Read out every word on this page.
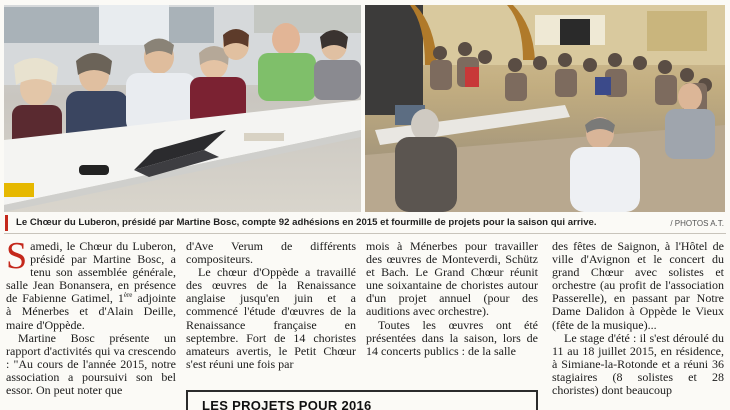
Le Chœur du Luberon, présidé par Martine Bosc, compte 92 adhésions en 2015 et fourmille de projets pour la saison qui arrive.	/ PHOTOS A.T.

Samedi, le Chœur du Luberon, présidé par Martine Bosc, a tenu son assemblée générale, salle Jean Bonansera, en présence de Fabienne Gatimel, 1ère adjointe à Ménerbes et d'Alain Deille, maire d'Oppède.

Martine Bosc présente un rapport d'activités qui va crescendo : "Au cours de l'année 2015, notre association a poursuivi son bel essor. On peut noter que

d'Ave Verum de différents compositeurs.

Le chœur d'Oppède a travaillé des œuvres de la Renaissance anglaise jusqu'en juin et a commencé l'étude d'œuvres de la Renaissance française en septembre. Fort de 14 choristes amateurs avertis, le Petit Chœur s'est réuni une fois par

mois à Ménerbes pour travailler des œuvres de Monteverdi, Schütz et Bach. Le Grand Chœur réunit une soixantaine de choristes autour d'un projet annuel (pour des auditions avec orchestre).

Toutes les œuvres ont été présentées dans la saison, lors de 14 concerts publics : de la salle

des fêtes de Saignon, à l'Hôtel de ville d'Avignon et le concert du grand Chœur avec solistes et orchestre (au profit de l'association Passerelle), en passant par Notre Dame Dalidon à Oppède le Vieux (fête de la musique)...

Le stage d'été : il s'est déroulé du 11 au 18 juillet 2015, en résidence, à Simiane-la-Rotonde et a réuni 36 stagiaires (8 solistes et 28 choristes) dont beaucoup

LES PROJETS POUR 2016
